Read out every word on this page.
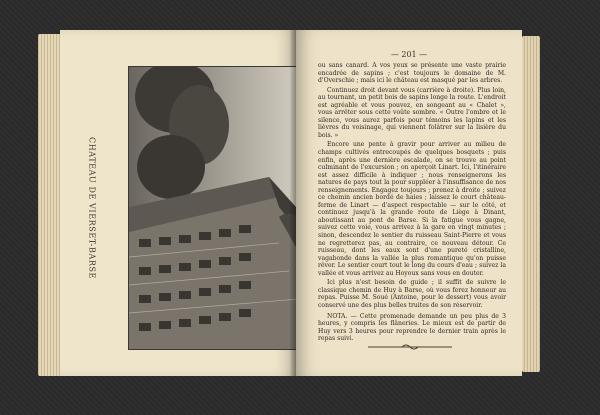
CHATEAU DE VIERSET-BARSE
— 201 —

ou sans canard. A vos yeux se présente une vaste prairie encadrée de sapins ; c'est toujours le domaine de M. d'Overschie ; mais ici le château est masqué par les arbres.

Continuez droit devant vous (carrière à droite). Plus loin, au tournant, un petit bois de sapins longe la route. L'endroit est agréable et vous pouvez, en songeant au « Chalet », vous arrêter sous cette voûte sombre. « Outre l'ombre et le silence, vous aurez parfois pour témoins les lapins et les lièvres du voisinage, qui viennent folâtrer sur la lisière du bois. »

Encore une pente à gravir pour arriver au milieu de champs cultivés entrecoupés de quelques bosquets ; puis enfin, après une dernière escalade, on se trouve au point culminant de l'excursion ; on aperçoit Linart. Ici, l'itinéraire est assez difficile à indiquer ; nous renseignerons les natures de pays tout la pour suppléer à l'insuffisance de nos renseignements. Engagez toujours ; prenez à droite ; suivez ce chemin ancien bordé de haies ; laissez le court château-ferme de Linart — d'aspect respectable — sur le côté, et continuez jusqu'à la grande route de Liège à Dinant, aboutissant au pont de Barse. Si la fatigue vous gagne, suivez cette voie, vous arrivez à la gare en vingt minutes ; sinon, descendez le sentier du ruisseau Saint-Pierre et vous ne regretterez pas, au contraire, ce nouveau détour. Ce ruisseau, dont les eaux sont d'une pureté cristalline, vagabonde dans la vallée la plus romantique qu'on puisse rêver. Le sentier court tout le long du cours d'eau ; suivez la vallée et vous arrivez au Hoyoux sans vous en douter.

Ici plus n'est besoin de guide ; il suffit de suivre le classique chemin de Huy à Barse, où vous ferez honneur au repas. Puisse M. Soué (Antoine, pour le dessert) vous avoir conservé une des plus belles truites de son réservoir.

NOTA. — Cette promenade demande un peu plus de 3 heures, y compris les flâneries. Le mieux est de partir de Huy vers 3 heures pour reprendre le dernier train après le repas suivi.
